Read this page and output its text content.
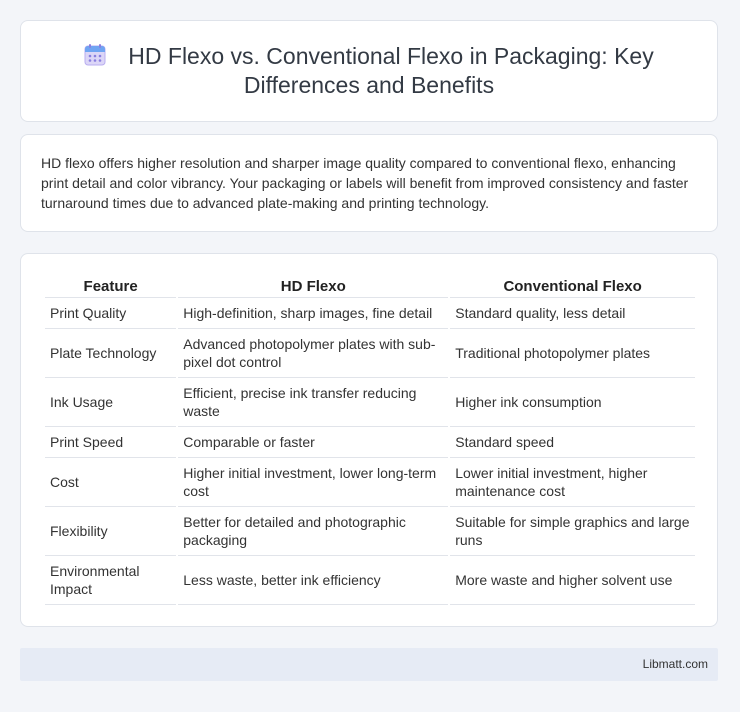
HD Flexo vs. Conventional Flexo in Packaging: Key Differences and Benefits
HD flexo offers higher resolution and sharper image quality compared to conventional flexo, enhancing print detail and color vibrancy. Your packaging or labels will benefit from improved consistency and faster turnaround times due to advanced plate-making and printing technology.
Feature	HD Flexo	Conventional Flexo
Print Quality	High-definition, sharp images, fine detail	Standard quality, less detail
Plate Technology	Advanced photopolymer plates with sub-pixel dot control	Traditional photopolymer plates
Ink Usage	Efficient, precise ink transfer reducing waste	Higher ink consumption
Print Speed	Comparable or faster	Standard speed
Cost	Higher initial investment, lower long-term cost	Lower initial investment, higher maintenance cost
Flexibility	Better for detailed and photographic packaging	Suitable for simple graphics and large runs
Environmental Impact	Less waste, better ink efficiency	More waste and higher solvent use
Libmatt.com
